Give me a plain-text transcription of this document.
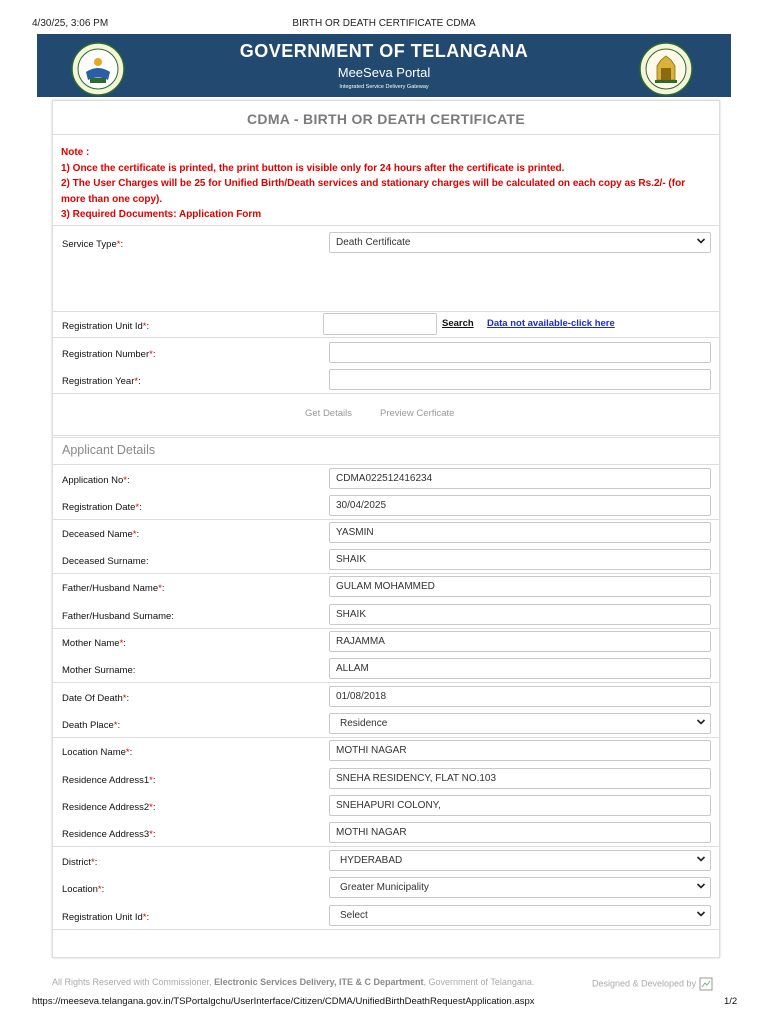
4/30/25, 3:06 PM	BIRTH OR DEATH CERTIFICATE CDMA
GOVERNMENT OF TELANGANA
MeeSeva Portal
Integrated Service Delivery Gateway
CDMA - BIRTH OR DEATH CERTIFICATE
Note :
1) Once the certificate is printed, the print button is visible only for 24 hours after the certificate is printed.
2) The User Charges will be 25 for Unified Birth/Death services and stationary charges will be calculated on each copy as Rs.2/- (for more than one copy).
3) Required Documents: Application Form
Service Type*:	Death Certificate
Registration Unit Id*:	Search Data not available-click here
Registration Number*:
Registration Year*:
Get Details	Preview Cerficate
Applicant Details
Application No*:	CDMA022512416234
Registration Date*:	30/04/2025
Deceased Name*:	YASMIN
Deceased Surname:	SHAIK
Father/Husband Name*:	GULAM MOHAMMED
Father/Husband Surname:	SHAIK
Mother Name*:	RAJAMMA
Mother Surname:	ALLAM
Date Of Death*:	01/08/2018
Death Place*:	Residence
Location Name*:	MOTHI NAGAR
Residence Address1*:	SNEHA RESIDENCY, FLAT NO.103
Residence Address2*:	SNEHAPURI COLONY,
Residence Address3*:	MOTHI NAGAR
District*:	HYDERABAD
Location*:	Greater Municipality
Registration Unit Id*:	Select
All Rights Reserved with Commissioner, Electronic Services Delivery, ITE & C Department, Government of Telangana.	Designed & Developed by
https://meeseva.telangana.gov.in/TSPortalgchu/UserInterface/Citizen/CDMA/UnifiedBirthDeathRequestApplication.aspx	1/2
